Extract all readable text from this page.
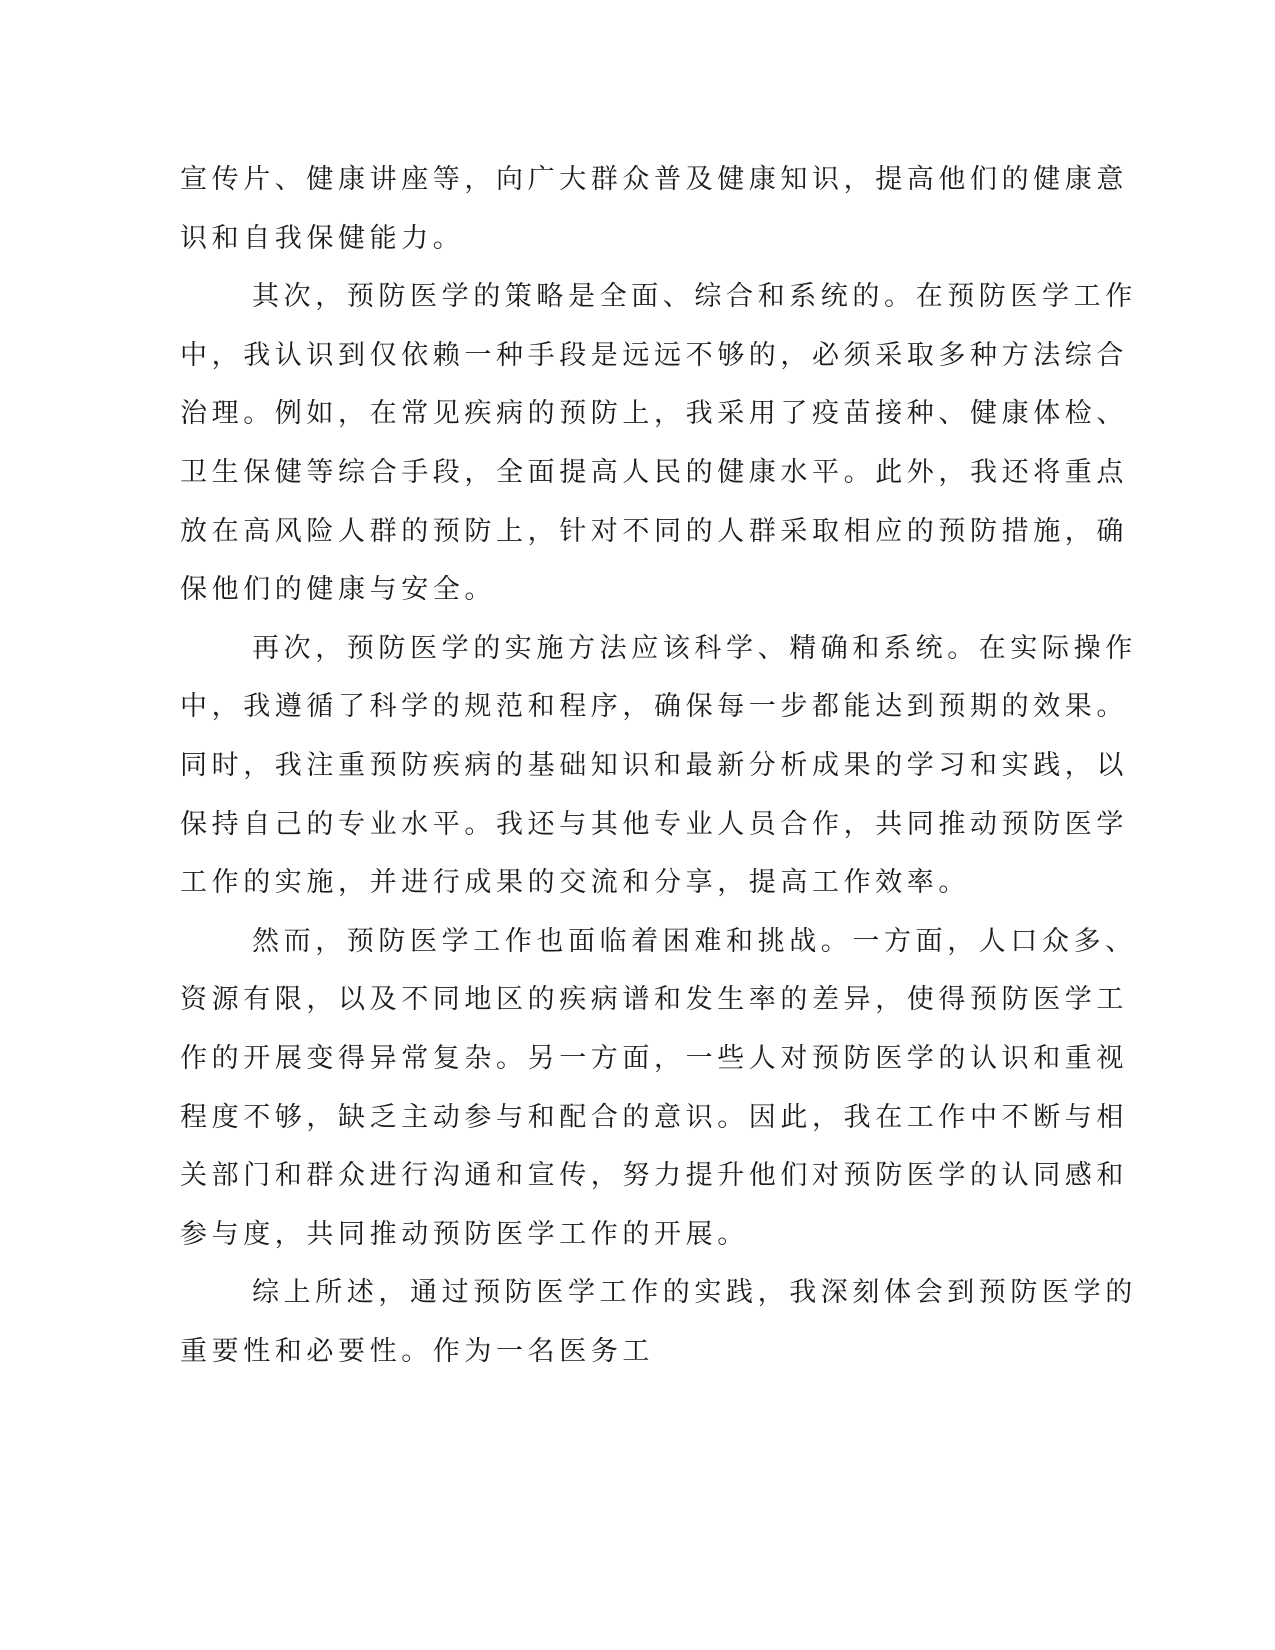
宣传片、健康讲座等，向广大群众普及健康知识，提高他们的健康意
识和自我保健能力。
其次，预防医学的策略是全面、综合和系统的。在预防医学工作
中，我认识到仅依赖一种手段是远远不够的，必须采取多种方法综合
治理。例如，在常见疾病的预防上，我采用了疫苗接种、健康体检、
卫生保健等综合手段，全面提高人民的健康水平。此外，我还将重点
放在高风险人群的预防上，针对不同的人群采取相应的预防措施，确
保他们的健康与安全。
再次，预防医学的实施方法应该科学、精确和系统。在实际操作
中，我遵循了科学的规范和程序，确保每一步都能达到预期的效果。
同时，我注重预防疾病的基础知识和最新分析成果的学习和实践，以
保持自己的专业水平。我还与其他专业人员合作，共同推动预防医学
工作的实施，并进行成果的交流和分享，提高工作效率。
然而，预防医学工作也面临着困难和挑战。一方面，人口众多、
资源有限，以及不同地区的疾病谱和发生率的差异，使得预防医学工
作的开展变得异常复杂。另一方面，一些人对预防医学的认识和重视
程度不够，缺乏主动参与和配合的意识。因此，我在工作中不断与相
关部门和群众进行沟通和宣传，努力提升他们对预防医学的认同感和
参与度，共同推动预防医学工作的开展。
综上所述，通过预防医学工作的实践，我深刻体会到预防医学的
重要性和必要性。作为一名医务工
